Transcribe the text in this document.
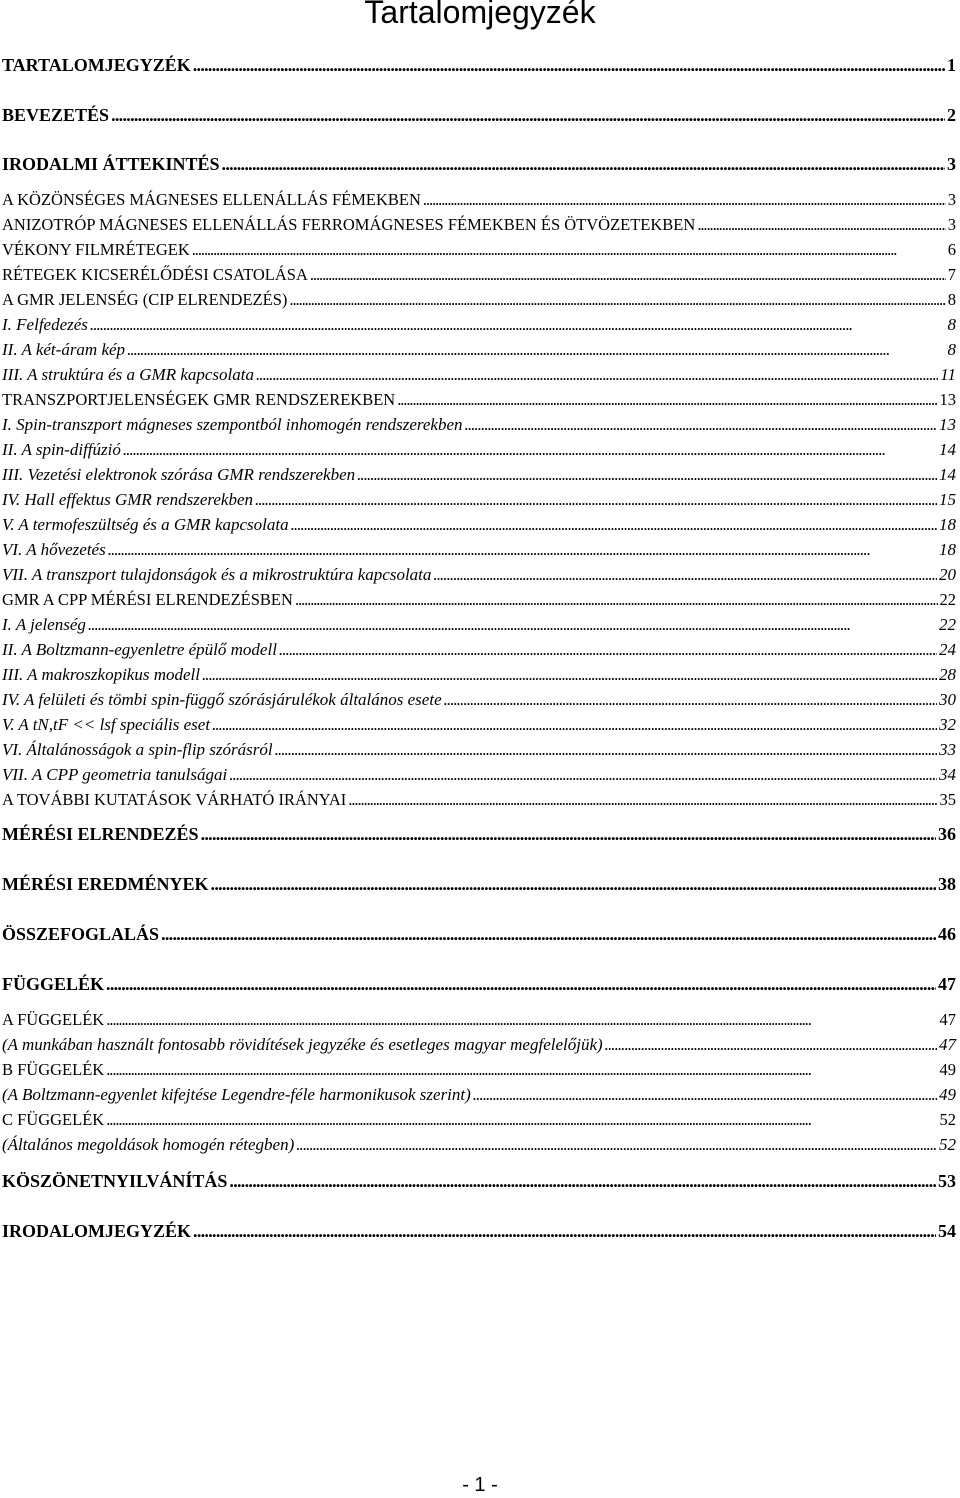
Tartalomjegyzék
TARTALOMJEGYZÉK . . .	1
BEVEZETÉS . . .	2
IRODALMI ÁTTEKINTÉS . . .	3
A KÖZÖNSÉGES MÁGNESES ELLENÁLLÁS FÉMEKBEN . . .	3
ANIZOTRÓP MÁGNESES ELLENÁLLÁS FERROMÁGNESES FÉMEKBEN ÉS ÖTVÖZETEKBEN . . .	3
VÉKONY FILMRÉTEGEK . . .	6
RÉTEGEK KICSERÉLŐDÉSI CSATOLÁSA . . .	7
A GMR JELENSÉG (CIP ELRENDEZÉS) . . .	8
I. Felfedezés . . .	8
II. A két-áram kép . . .	8
III. A struktúra és a GMR kapcsolata . . .	11
TRANSZPORTJELENSÉGEK GMR RENDSZEREKBEN . . .	13
I. Spin-transzport mágneses szempontból inhomogén rendszerekben . . .	13
II. A spin-diffúzió . . .	14
III. Vezetési elektronok szórása GMR rendszerekben . . .	14
IV. Hall effektus GMR rendszerekben . . .	15
V. A termofeszültség és a GMR kapcsolata . . .	18
VI. A hővezetés . . .	18
VII. A transzport tulajdonságok és a mikrostruktúra kapcsolata . . .	20
GMR A CPP MÉRÉSI ELRENDEZÉSBEN . . .	22
I. A jelenség . . .	22
II. A Boltzmann-egyenletre épülő modell . . .	24
III. A makroszkopikus modell . . .	28
IV. A felületi és tömbi spin-függő szórásjárulékok általános esete . . .	30
V. A tN,tF << lsf speciális eset . . .	32
VI. Általánosságok a spin-flip szórásról . . .	33
VII. A CPP geometria tanulságai . . .	34
A TOVÁBBI KUTATÁSOK VÁRHATÓ IRÁNYAI . . .	35
MÉRÉSI ELRENDEZÉS . . .	36
MÉRÉSI EREDMÉNYEK . . .	38
ÖSSZEFOGLALÁS . . .	46
FÜGGELÉK . . .	47
A FÜGGELÉK . . .	47
(A munkában használt fontosabb rövidítések jegyzéke és esetleges magyar megfelelőjük) . . .	47
B FÜGGELÉK . . .	49
(A Boltzmann-egyenlet kifejtése Legendre-féle harmonikusok szerint) . . .	49
C FÜGGELÉK . . .	52
(Általános megoldások homogén rétegben) . . .	52
KÖSZÖNETNYILVÁNÍTÁS . . .	53
IRODALOMJEGYZÉK . . .	54
- 1 -
